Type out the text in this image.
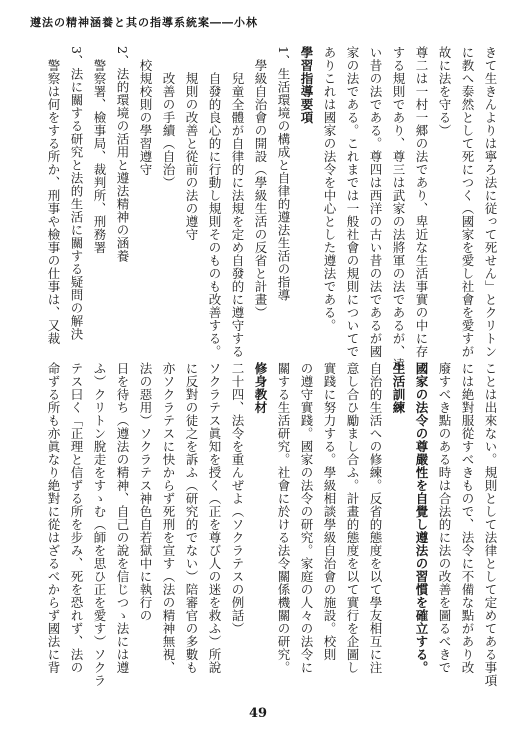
遵法の精神涵養と其の指導系統案――小林
きて生きんよりは寧ろ法に従って死せん」とクリトン
に教へ泰然として死につく（國家を愛し社會を愛すが
故に法を守る）
尊二は一村一郷の法であり、卑近な生活事實の中に存
する規則であり、尊三は武家の法將軍の法であるが、遠
い昔の法である。尊四は西洋の古い昔の法であるが國
家の法である。これまでは一般社會の規則についてで
ありこれは國家の法令を中心とした遵法である。
學習指導要項
1、生活環境の構成と自律的遵法生活の指導
　學級自治會の開設（學級生活の反省と計畫）
　　兒童全體が自律的に法規を定め自發的に遵守する
　　自發的良心的に行動し規則そのものも改善する。
　　規則の改善と從前の法の遵守
　　改善の手續（自治）
　校規校則の學習遵守
2、法的環境の活用と遵法精神の涵養
　警察署、檢事局、裁判所、刑務署
3、法に關する研究と法的生活に關する疑問の解決
　警察は何をする所か、刑事や檢事の仕事は、又裁
ことは出來ない。規則として法律として定めてある事項
には絶對服從すべきもので、法令に不備な點があり改
廢すべき點のある時は合法的に法の改善を圖るべきで
國家の法令の尊嚴性を自覺し遵法の習慣を確立する。
生活訓練
自治的生活への修練。反省的態度を以て學友相互に注
意し合ひ勵まし合ふ。計畫的態度を以て實行を企圖し
實踐に努力する。學級相談學級自治會の施設。校則
の遵守實踐。國家の法令の研究。家庭の人々の法令に
關する生活研究。社會に於ける法令關係機關の研究。
修身教材
二十四、法令を重んぜよ（ソクラテスの例話）
ソクラテス眞知を授く（正を尊び人の迷を救ふ）所說
に反對の徒之を訴ふ（研究的でない）陪審官の多數も
亦ソクラテスに快からず死刑を宣す（法の精神無視、
法の惡用）ソクラテス神色自若獄中に執行の
日を待ち（遵法の精神、自己の說を信じつゝ法には遵
ふ）クリトン脫走をすゝむ（師を思ひ正を愛す）ソクラ
テス曰く「正理と信ずる所を步み、死を恐れず、法の
命ずる所も亦眞なり絶對に從はざるべからず國法に背
49
